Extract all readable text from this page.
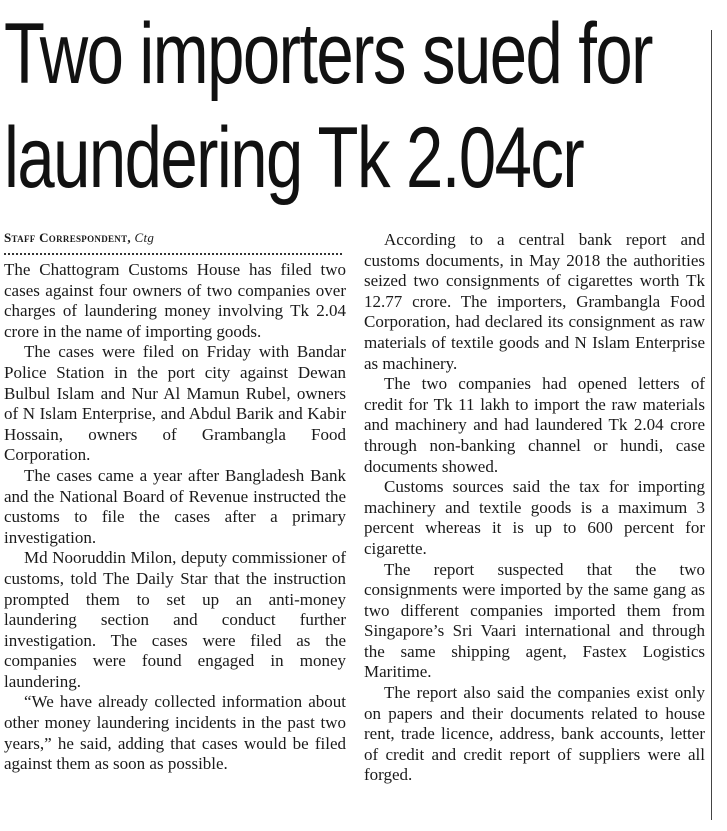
Two importers sued for
laundering Tk 2.04cr
Staff Correspondent, Ctg

The Chattogram Customs House has filed two cases against four owners of two companies over charges of laundering money involving Tk 2.04 crore in the name of importing goods.

The cases were filed on Friday with Bandar Police Station in the port city against Dewan Bulbul Islam and Nur Al Mamun Rubel, owners of N Islam Enterprise, and Abdul Barik and Kabir Hossain, owners of Grambangla Food Corporation.

The cases came a year after Bangladesh Bank and the National Board of Revenue instructed the customs to file the cases after a primary investigation.

Md Nooruddin Milon, deputy commissioner of customs, told The Daily Star that the instruction prompted them to set up an anti-money laundering section and conduct further investigation. The cases were filed as the companies were found engaged in money laundering.

“We have already collected information about other money laundering incidents in the past two years,” he said, adding that cases would be filed against them as soon as possible.

According to a central bank report and customs documents, in May 2018 the authorities seized two consignments of cigarettes worth Tk 12.77 crore. The importers, Grambangla Food Corporation, had declared its consignment as raw materials of textile goods and N Islam Enterprise as machinery.

The two companies had opened letters of credit for Tk 11 lakh to import the raw materials and machinery and had laundered Tk 2.04 crore through non-banking channel or hundi, case documents showed.

Customs sources said the tax for importing machinery and textile goods is a maximum 3 percent whereas it is up to 600 percent for cigarette.

The report suspected that the two consignments were imported by the same gang as two different companies imported them from Singapore’s Sri Vaari international and through the same shipping agent, Fastex Logistics Maritime.

The report also said the companies exist only on papers and their documents related to house rent, trade licence, address, bank accounts, letter of credit and credit report of suppliers were all forged.
